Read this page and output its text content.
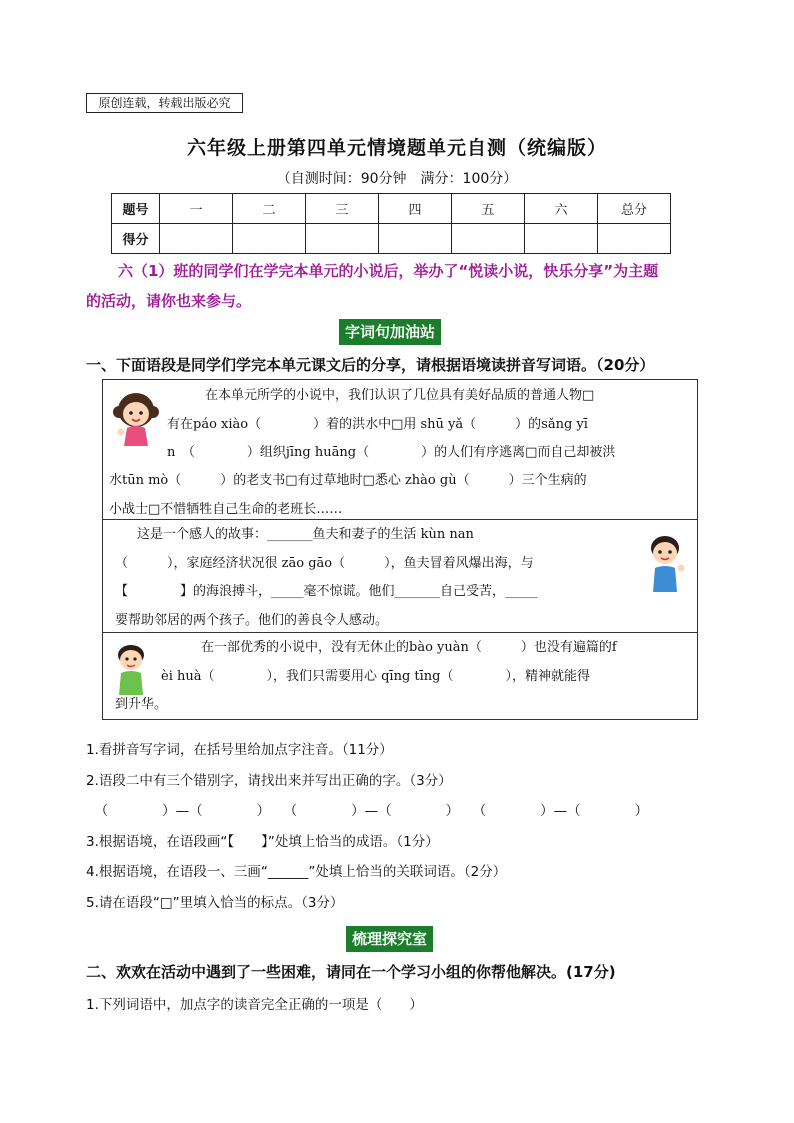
原创连载，转载出版必究
六年级上册第四单元情境题单元自测（统编版）
（自测时间：90分钟　满分：100分）
题号	一	二	三	四	五	六	总分
得分							
六（1）班的同学们在学完本单元的小说后，举办了“悦读小说，快乐分享”为主题
的活动，请你也来参与。
字词句加油站
一、下面语段是同学们学完本单元课文后的分享，请根据语境读拼音写词语。（20分）
在本单元所学的小说中，我们认识了几位具有美好品质的普通人物□
有在páo xiào（　　　　）着的洪水中□用 shū yǎ（　　　）的sǎng yī
n　（　　　　）组织jīng huāng（　　　　）的人们有序逃离□而自己却被洪
水tūn mò（　　　）的老支书□有过草地时□悉心 zhào gù（　　　）三个生病的
小战士□不惜牺牲自己生命的老班长……
这是一个感人的故事：_______鱼夫和妻子的生活 kùn nan
（　　　），家庭经济状况很 zāo gāo（　　　），鱼夫冒着风爆出海，与
【　　　　】的海浪搏斗，_____毫不惊谎。他们_______自己受苦，_____
要帮助邻居的两个孩子。他们的善良令人感动。
在一部优秀的小说中，没有无休止的bào yuàn（　　　）也没有遍篇的f
èi huà（　　　　），我们只需要用心 qīng tīng（　　　　），精神就能得
到升华。
1.看拼音写字词，在括号里给加点字注音。（11分）
2.语段二中有三个错别字，请找出来并写出正确的字。（3分）
（　　　　）—（　　　　）　　（　　　　）—（　　　　）　　（　　　　）—（　　　　）
3.根据语境，在语段画“【　　】”处填上恰当的成语。（1分）
4.根据语境，在语段一、三画“______”处填上恰当的关联词语。（2分）
5.请在语段“□”里填入恰当的标点。（3分）
梳理探究室
二、欢欢在活动中遇到了一些困难，请同在一个学习小组的你帮他解决。(17分)
1.下列词语中，加点字的读音完全正确的一项是（　　）
